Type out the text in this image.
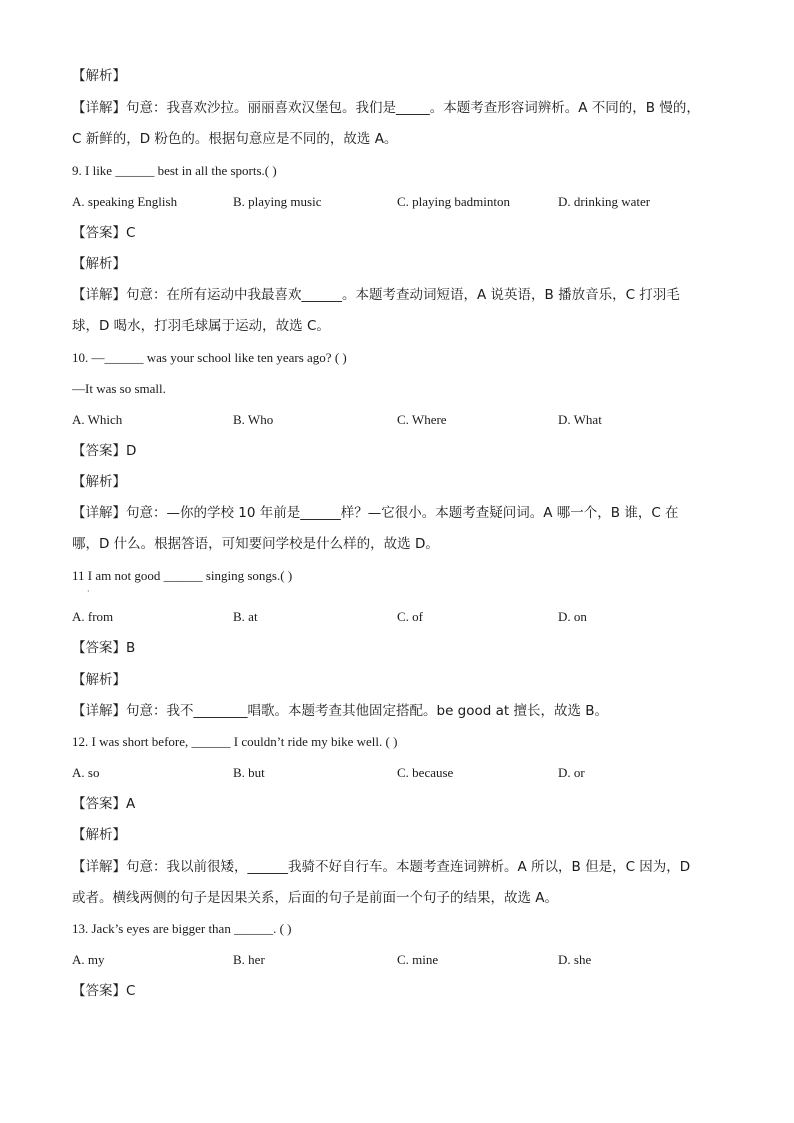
【解析】
【详解】句意：我喜欢沙拉。丽丽喜欢汉堡包。我们是_____。本题考查形容词辨析。A 不同的，B 慢的，
C 新鲜的，D 粉色的。根据句意应是不同的，故选 A。
9. I like ______ best in all the sports.( )
A. speaking English	B. playing music	C. playing badminton	D. drinking water
【答案】C
【解析】
【详解】句意：在所有运动中我最喜欢______。本题考查动词短语，A 说英语，B 播放音乐，C 打羽毛
球，D 喝水，打羽毛球属于运动，故选 C。
10. —______ was your school like ten years ago? ( )
—It was so small.
A. Which	B. Who	C. Where	D. What
【答案】D
【解析】
【详解】句意：—你的学校 10 年前是______样？—它很小。本题考查疑问词。A 哪一个，B 谁，C 在
哪，D 什么。根据答语，可知要问学校是什么样的，故选 D。
11 I am not good ______ singing songs.( )
·
A. from	B. at	C. of	D. on
【答案】B
【解析】
【详解】句意：我不________唱歌。本题考查其他固定搭配。be good at 擅长，故选 B。
12. I was short before, ______ I couldn’t ride my bike well. ( )
A. so	B. but	C. because	D. or
【答案】A
【解析】
【详解】句意：我以前很矮，______我骑不好自行车。本题考查连词辨析。A 所以，B 但是，C 因为，D
或者。横线两侧的句子是因果关系，后面的句子是前面一个句子的结果，故选 A。
13. Jack’s eyes are bigger than ______. ( )
A. my	B. her	C. mine	D. she
【答案】C
